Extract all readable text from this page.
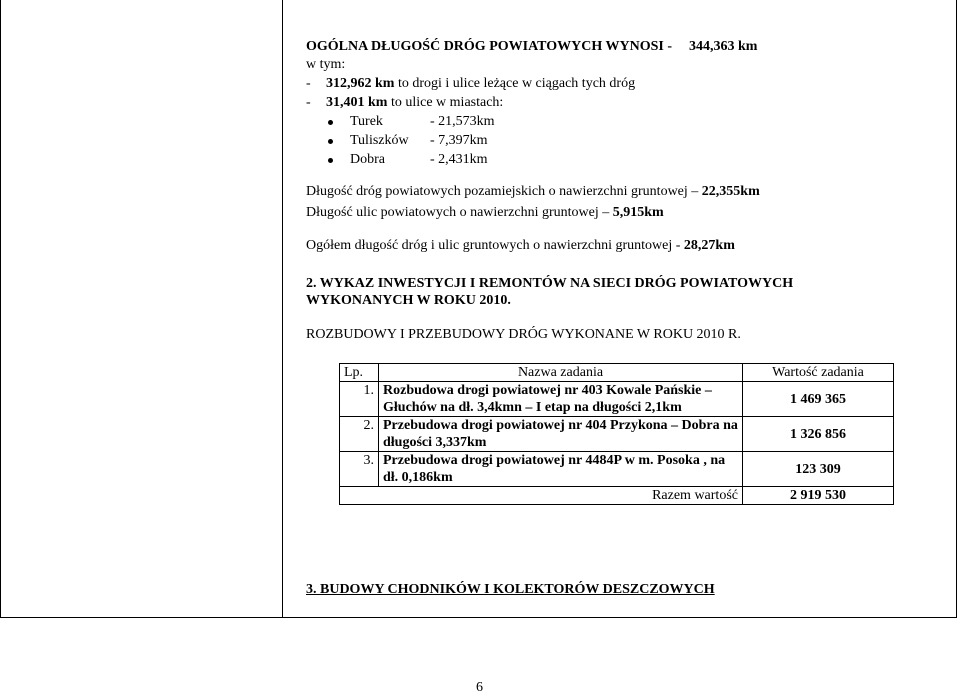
OGÓLNA DŁUGOŚĆ DRÓG POWIATOWYCH WYNOSI - 344,363 km
w tym:
- 312,962 km to drogi i ulice leżące w ciągach tych dróg
- 31,401 km to ulice w miastach:
Turek	- 21,573km
Tuliszków - 7,397km
Dobra	- 2,431km
Długość dróg powiatowych pozamiejskich o nawierzchni gruntowej – 22,355km
Długość ulic powiatowych o nawierzchni gruntowej – 5,915km
Ogółem długość dróg i ulic gruntowych o nawierzchni gruntowej - 28,27km
2. WYKAZ INWESTYCJI I REMONTÓW NA SIECI DRÓG POWIATOWYCH
WYKONANYCH W ROKU 2010.
ROZBUDOWY I PRZEBUDOWY DRÓG WYKONANE W ROKU 2010 R.
Lp.	Nazwa zadania	Wartość zadania
1.	Rozbudowa drogi powiatowej nr 403 Kowale Pańskie – Głuchów na dł. 3,4kmn – I etap na długości 2,1km	1 469 365
2.	Przebudowa drogi powiatowej nr 404 Przykona – Dobra na długości 3,337km	1 326 856
3.	Przebudowa drogi powiatowej nr 4484P w m. Posoka , na dł. 0,186km	123 309
Razem wartość		2 919 530
3. BUDOWY CHODNIKÓW I KOLEKTORÓW DESZCZOWYCH
6
